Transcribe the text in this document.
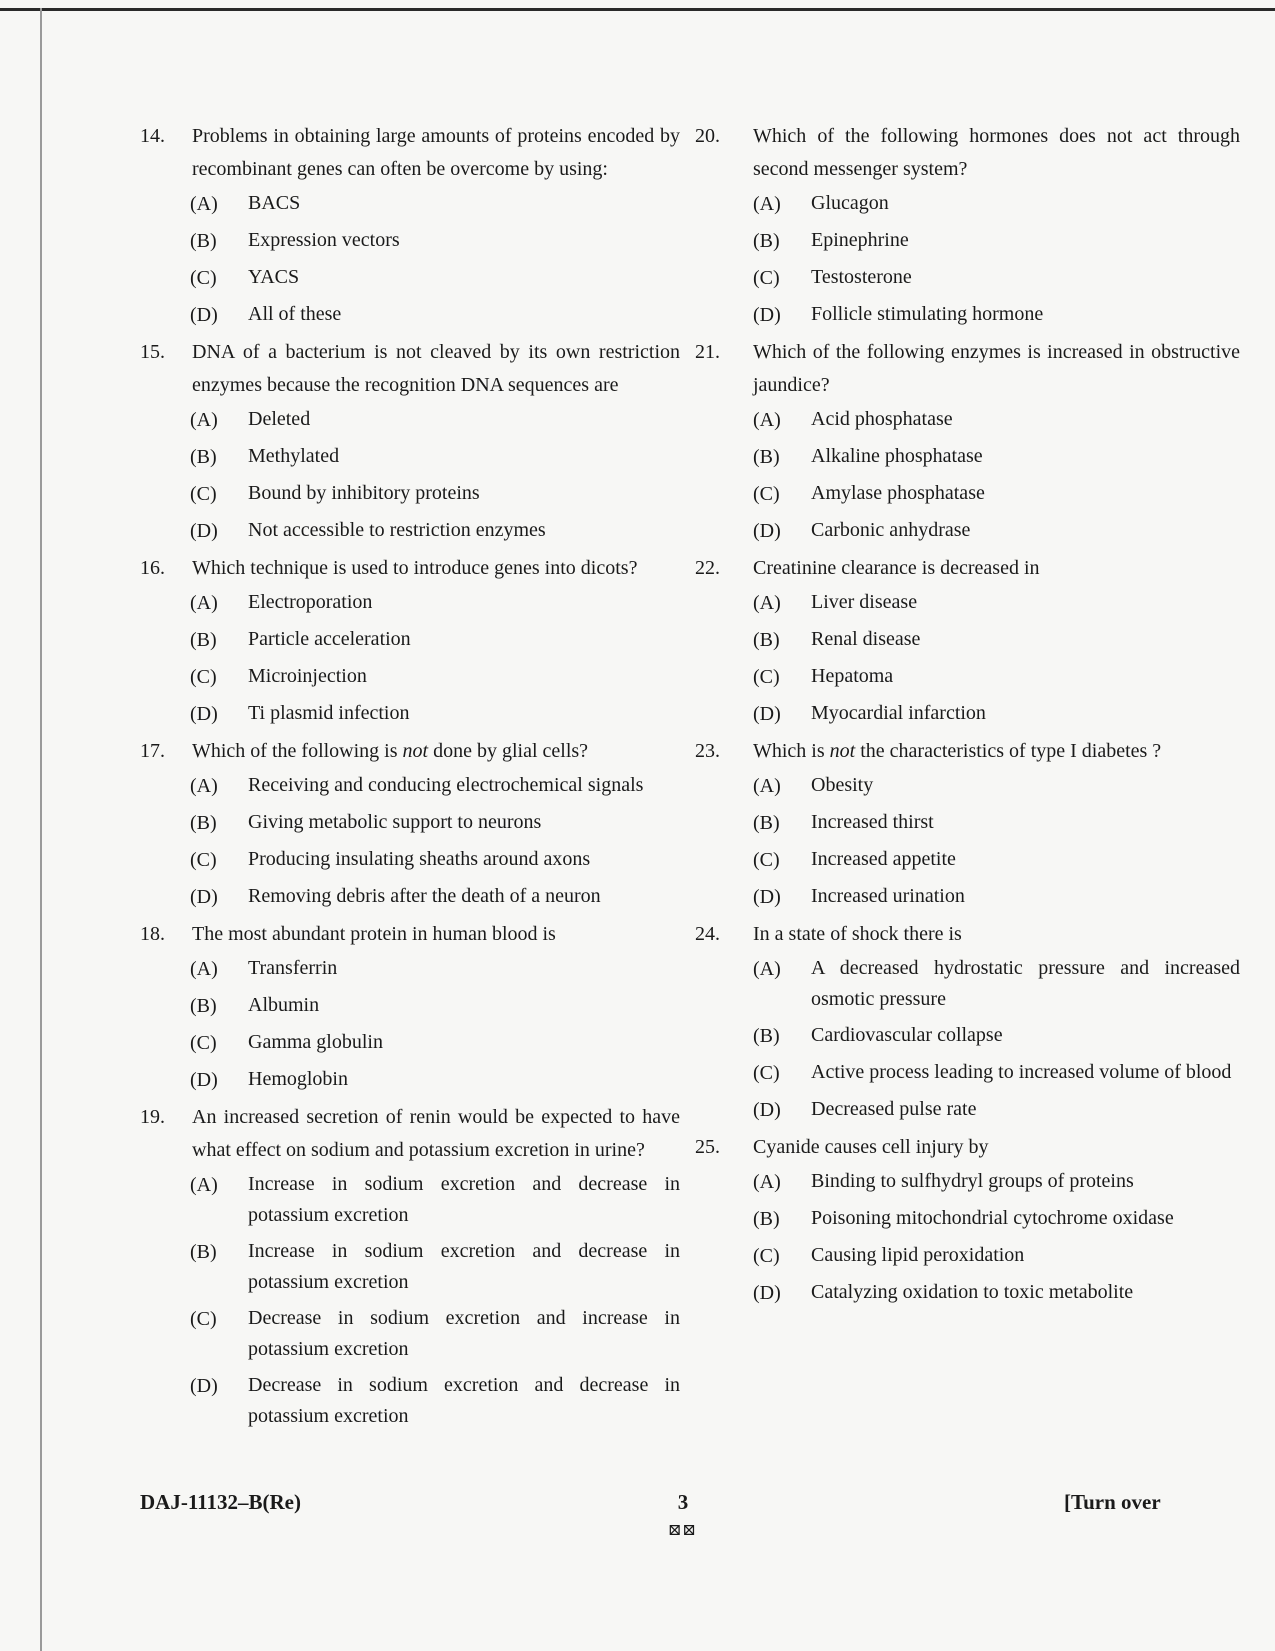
14. Problems in obtaining large amounts of proteins encoded by recombinant genes can often be overcome by using:
(A)	BACS
(B)	Expression vectors
(C)	YACS
(D)	All of these
15. DNA of a bacterium is not cleaved by its own restriction enzymes because the recognition DNA sequences are
(A)	Deleted
(B)	Methylated
(C)	Bound by inhibitory proteins
(D)	Not accessible to restriction enzymes
16. Which technique is used to introduce genes into dicots?
(A)	Electroporation
(B)	Particle acceleration
(C)	Microinjection
(D)	Ti plasmid infection
17. Which of the following is not done by glial cells?
(A)	Receiving and conducing electrochemical signals
(B)	Giving metabolic support to neurons
(C)	Producing insulating sheaths around axons
(D)	Removing debris after the death of a neuron
18. The most abundant protein in human blood is
(A)	Transferrin
(B)	Albumin
(C)	Gamma globulin
(D)	Hemoglobin
19. An increased secretion of renin would be expected to have what effect on sodium and potassium excretion in urine?
(A)	Increase in sodium excretion and decrease in potassium excretion
(B)	Increase in sodium excretion and decrease in potassium excretion
(C)	Decrease in sodium excretion and increase in potassium excretion
(D)	Decrease in sodium excretion and decrease in potassium excretion
20. Which of the following hormones does not act through second messenger system?
(A)	Glucagon
(B)	Epinephrine
(C)	Testosterone
(D)	Follicle stimulating hormone
21. Which of the following enzymes is increased in obstructive jaundice?
(A)	Acid phosphatase
(B)	Alkaline phosphatase
(C)	Amylase phosphatase
(D)	Carbonic anhydrase
22. Creatinine clearance is decreased in
(A)	Liver disease
(B)	Renal disease
(C)	Hepatoma
(D)	Myocardial infarction
23. Which is not the characteristics of type I diabetes ?
(A)	Obesity
(B)	Increased thirst
(C)	Increased appetite
(D)	Increased urination
24. In a state of shock there is
(A)	A decreased hydrostatic pressure and increased osmotic pressure
(B)	Cardiovascular collapse
(C)	Active process leading to increased volume of blood
(D)	Decreased pulse rate
25. Cyanide causes cell injury by
(A)	Binding to sulfhydryl groups of proteins
(B)	Poisoning mitochondrial cytochrome oxidase
(C)	Causing lipid peroxidation
(D)	Catalyzing oxidation to toxic metabolite
DAJ-11132–B(Re)	3
⊠⊠
[Turn over
